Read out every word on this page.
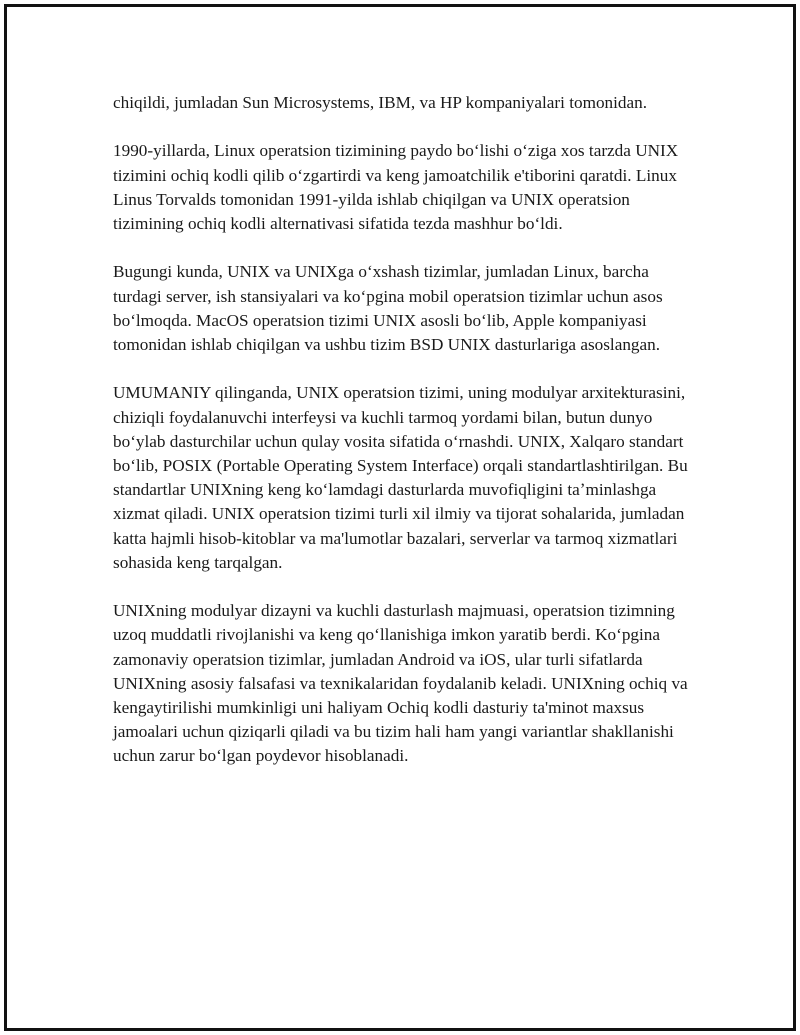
chiqildi, jumladan Sun Microsystems, IBM, va HP kompaniyalari tomonidan.

1990-yillarda, Linux operatsion tizimining paydo boʻlishi oʻziga xos tarzda UNIX tizimini ochiq kodli qilib oʻzgartirdi va keng jamoatchilik e'tiborini qaratdi. Linux Linus Torvalds tomonidan 1991-yilda ishlab chiqilgan va UNIX operatsion tizimining ochiq kodli alternativasi sifatida tezda mashhur boʻldi.

Bugungi kunda, UNIX va UNIXga oʻxshash tizimlar, jumladan Linux, barcha turdagi server, ish stansiyalari va koʻpgina mobil operatsion tizimlar uchun asos boʻlmoqda. MacOS operatsion tizimi UNIX asosli boʻlib, Apple kompaniyasi tomonidan ishlab chiqilgan va ushbu tizim BSD UNIX dasturlariga asoslangan.

UMUMANIY qilinganda, UNIX operatsion tizimi, uning modulyar arxitekturasini, chiziqli foydalanuvchi interfeysi va kuchli tarmoq yordami bilan, butun dunyo boʻylab dasturchilar uchun qulay vosita sifatida oʻrnashdi. UNIX, Xalqaro standart boʻlib, POSIX (Portable Operating System Interface) orqali standartlashtirilgan. Bu standartlar UNIXning keng koʻlamdagi dasturlarda muvofiqligini taʼminlashga xizmat qiladi. UNIX operatsion tizimi turli xil ilmiy va tijorat sohalarida, jumladan katta hajmli hisob-kitoblar va ma'lumotlar bazalari, serverlar va tarmoq xizmatlari sohasida keng tarqalgan.

UNIXning modulyar dizayni va kuchli dasturlash majmuasi, operatsion tizimning uzoq muddatli rivojlanishi va keng qoʻllanishiga imkon yaratib berdi. Koʻpgina zamonaviy operatsion tizimlar, jumladan Android va iOS, ular turli sifatlarda UNIXning asosiy falsafasi va texnikalaridan foydalanib keladi. UNIXning ochiq va kengaytirilishi mumkinligi uni haliyam Ochiq kodli dasturiy ta'minot maxsus jamoalari uchun qiziqarli qiladi va bu tizim hali ham yangi variantlar shakllanishi uchun zarur boʻlgan poydevor hisoblanadi.
